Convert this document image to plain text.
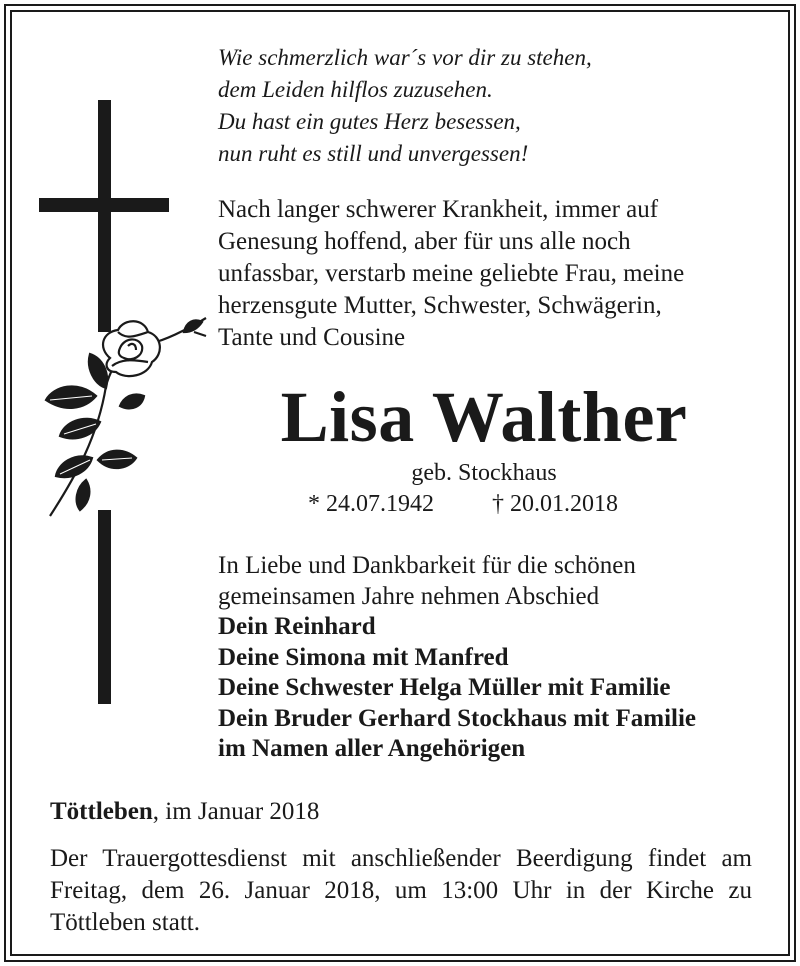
Wie schmerzlich war´s vor dir zu stehen,
dem Leiden hilflos zuzusehen.
Du hast ein gutes Herz besessen,
nun ruht es still und unvergessen!
Nach langer schwerer Krankheit, immer auf
Genesung hoffend, aber für uns alle noch
unfassbar, verstarb meine geliebte Frau, meine
herzensgute Mutter, Schwester, Schwägerin,
Tante und Cousine
Lisa Walther
geb. Stockhaus
* 24.07.1942 † 20.01.2018
In Liebe und Dankbarkeit für die schönen
gemeinsamen Jahre nehmen Abschied
Dein Reinhard
Deine Simona mit Manfred
Deine Schwester Helga Müller mit Familie
Dein Bruder Gerhard Stockhaus mit Familie
im Namen aller Angehörigen
Töttleben, im Januar 2018
Der Trauergottesdienst mit anschließender Beerdigung findet am Freitag, dem 26. Januar 2018, um 13:00 Uhr in der Kirche zu Töttleben statt.
